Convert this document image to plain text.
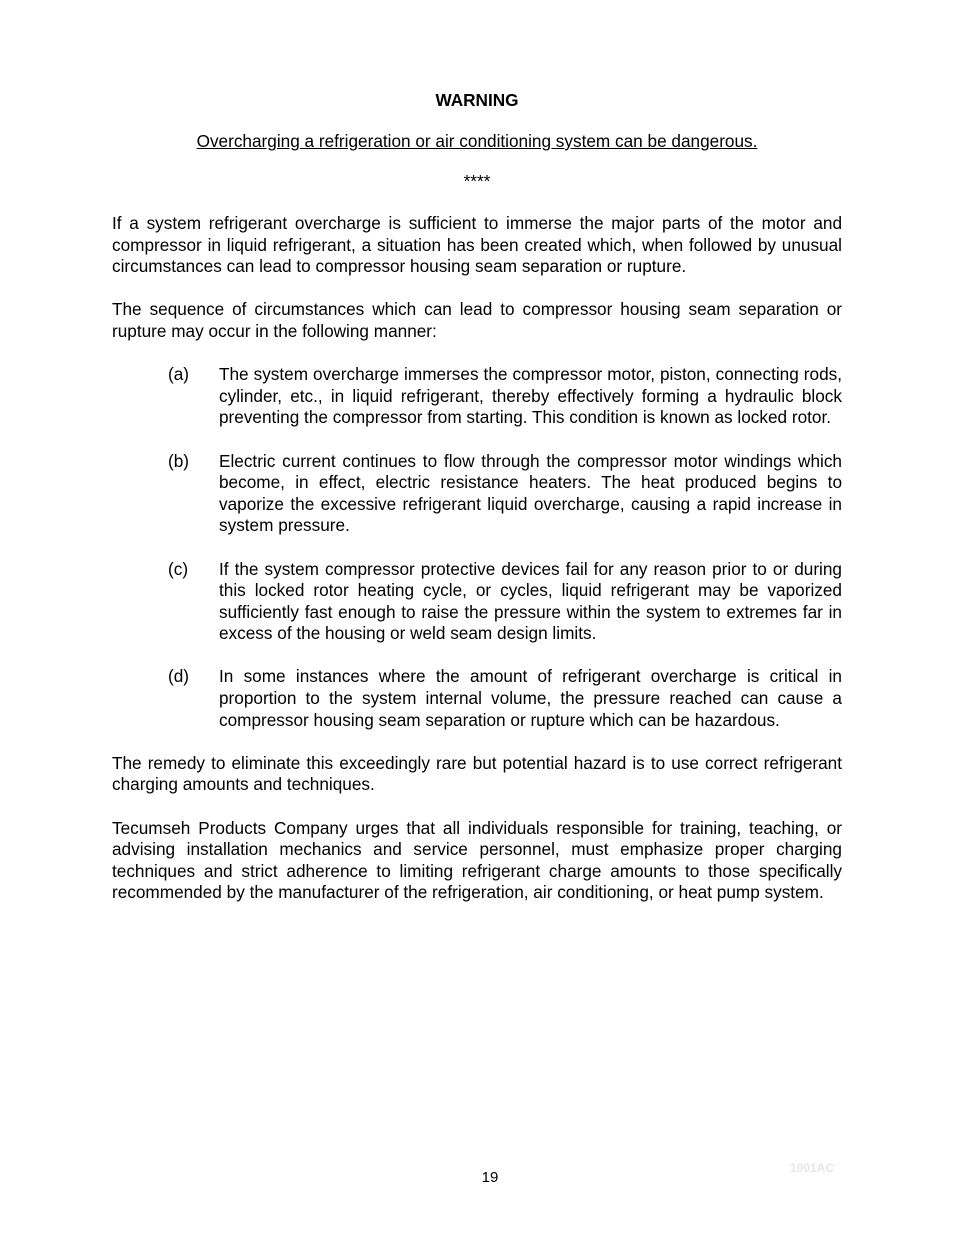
WARNING

Overcharging a refrigeration or air conditioning system can be dangerous.

****

If a system refrigerant overcharge is sufficient to immerse the major parts of the motor and compressor in liquid refrigerant, a situation has been created which, when followed by unusual circumstances can lead to compressor housing seam separation or rupture.

The sequence of circumstances which can lead to compressor housing seam separation or rupture may occur in the following manner:

(a)	The system overcharge immerses the compressor motor, piston, connecting rods, cylinder, etc., in liquid refrigerant, thereby effectively forming a hydraulic block preventing the compressor from starting. This condition is known as locked rotor.
(b)	Electric current continues to flow through the compressor motor windings which become, in effect, electric resistance heaters. The heat produced begins to vaporize the excessive refrigerant liquid overcharge, causing a rapid increase in system pressure.
(c)	If the system compressor protective devices fail for any reason prior to or during this locked rotor heating cycle, or cycles, liquid refrigerant may be vaporized sufficiently fast enough to raise the pressure within the system to extremes far in excess of the housing or weld seam design limits.
(d)	In some instances where the amount of refrigerant overcharge is critical in proportion to the system internal volume, the pressure reached can cause a compressor housing seam separation or rupture which can be hazardous.

The remedy to eliminate this exceedingly rare but potential hazard is to use correct refrigerant charging amounts and techniques.

Tecumseh Products Company urges that all individuals responsible for training, teaching, or advising installation mechanics and service personnel, must emphasize proper charging techniques and strict adherence to limiting refrigerant charge amounts to those specifically recommended by the manufacturer of the refrigeration, air conditioning, or heat pump system.

19
1001AC
